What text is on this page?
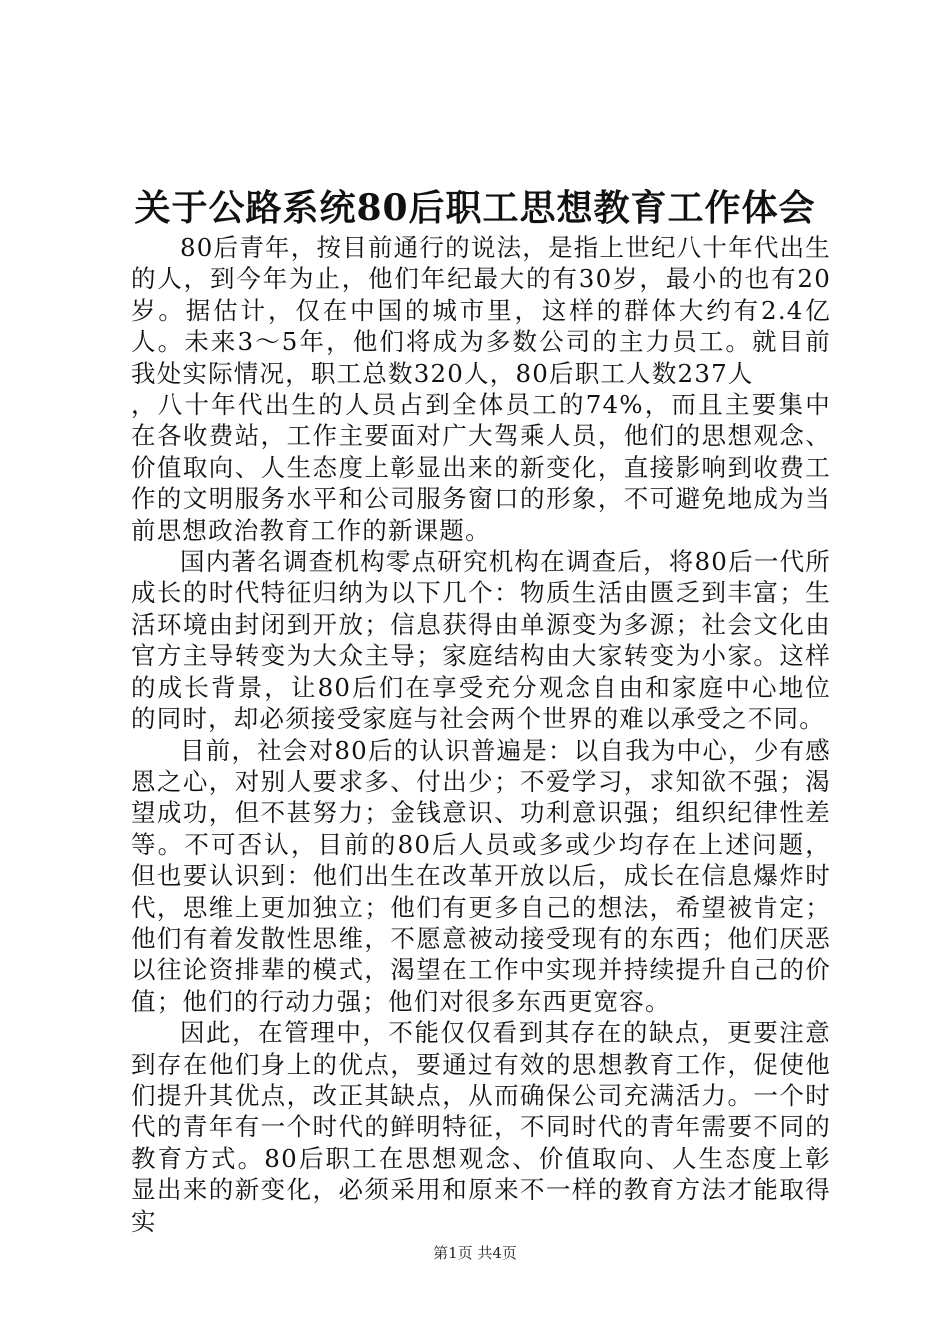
关于公路系统80后职工思想教育工作体会

80后青年，按目前通行的说法，是指上世纪八十年代出生的人，到今年为止，他们年纪最大的有30岁，最小的也有20岁。据估计，仅在中国的城市里，这样的群体大约有2.4亿人。未来3～5年，他们将成为多数公司的主力员工。就目前我处实际情况，职工总数320人，80后职工人数237人

，八十年代出生的人员占到全体员工的74%，而且主要集中在各收费站，工作主要面对广大驾乘人员，他们的思想观念、价值取向、人生态度上彰显出来的新变化，直接影响到收费工作的文明服务水平和公司服务窗口的形象，不可避免地成为当前思想政治教育工作的新课题。

国内著名调查机构零点研究机构在调查后，将80后一代所成长的时代特征归纳为以下几个：物质生活由匮乏到丰富；生活环境由封闭到开放；信息获得由单源变为多源；社会文化由官方主导转变为大众主导；家庭结构由大家转变为小家。这样的成长背景，让80后们在享受充分观念自由和家庭中心地位的同时，却必须接受家庭与社会两个世界的难以承受之不同。

目前，社会对80后的认识普遍是：以自我为中心，少有感恩之心，对别人要求多、付出少；不爱学习，求知欲不强；渴望成功，但不甚努力；金钱意识、功利意识强；组织纪律性差等。不可否认，目前的80后人员或多或少均存在上述问题，但也要认识到：他们出生在改革开放以后，成长在信息爆炸时代，思维上更加独立；他们有更多自己的想法，希望被肯定；他们有着发散性思维，不愿意被动接受现有的东西；他们厌恶以往论资排辈的模式，渴望在工作中实现并持续提升自己的价值；他们的行动力强；他们对很多东西更宽容。

因此，在管理中，不能仅仅看到其存在的缺点，更要注意到存在他们身上的优点，要通过有效的思想教育工作，促使他们提升其优点，改正其缺点，从而确保公司充满活力。一个时代的青年有一个时代的鲜明特征，不同时代的青年需要不同的教育方式。80后职工在思想观念、价值取向、人生态度上彰显出来的新变化，必须采用和原来不一样的教育方法才能取得实

第1页 共4页
